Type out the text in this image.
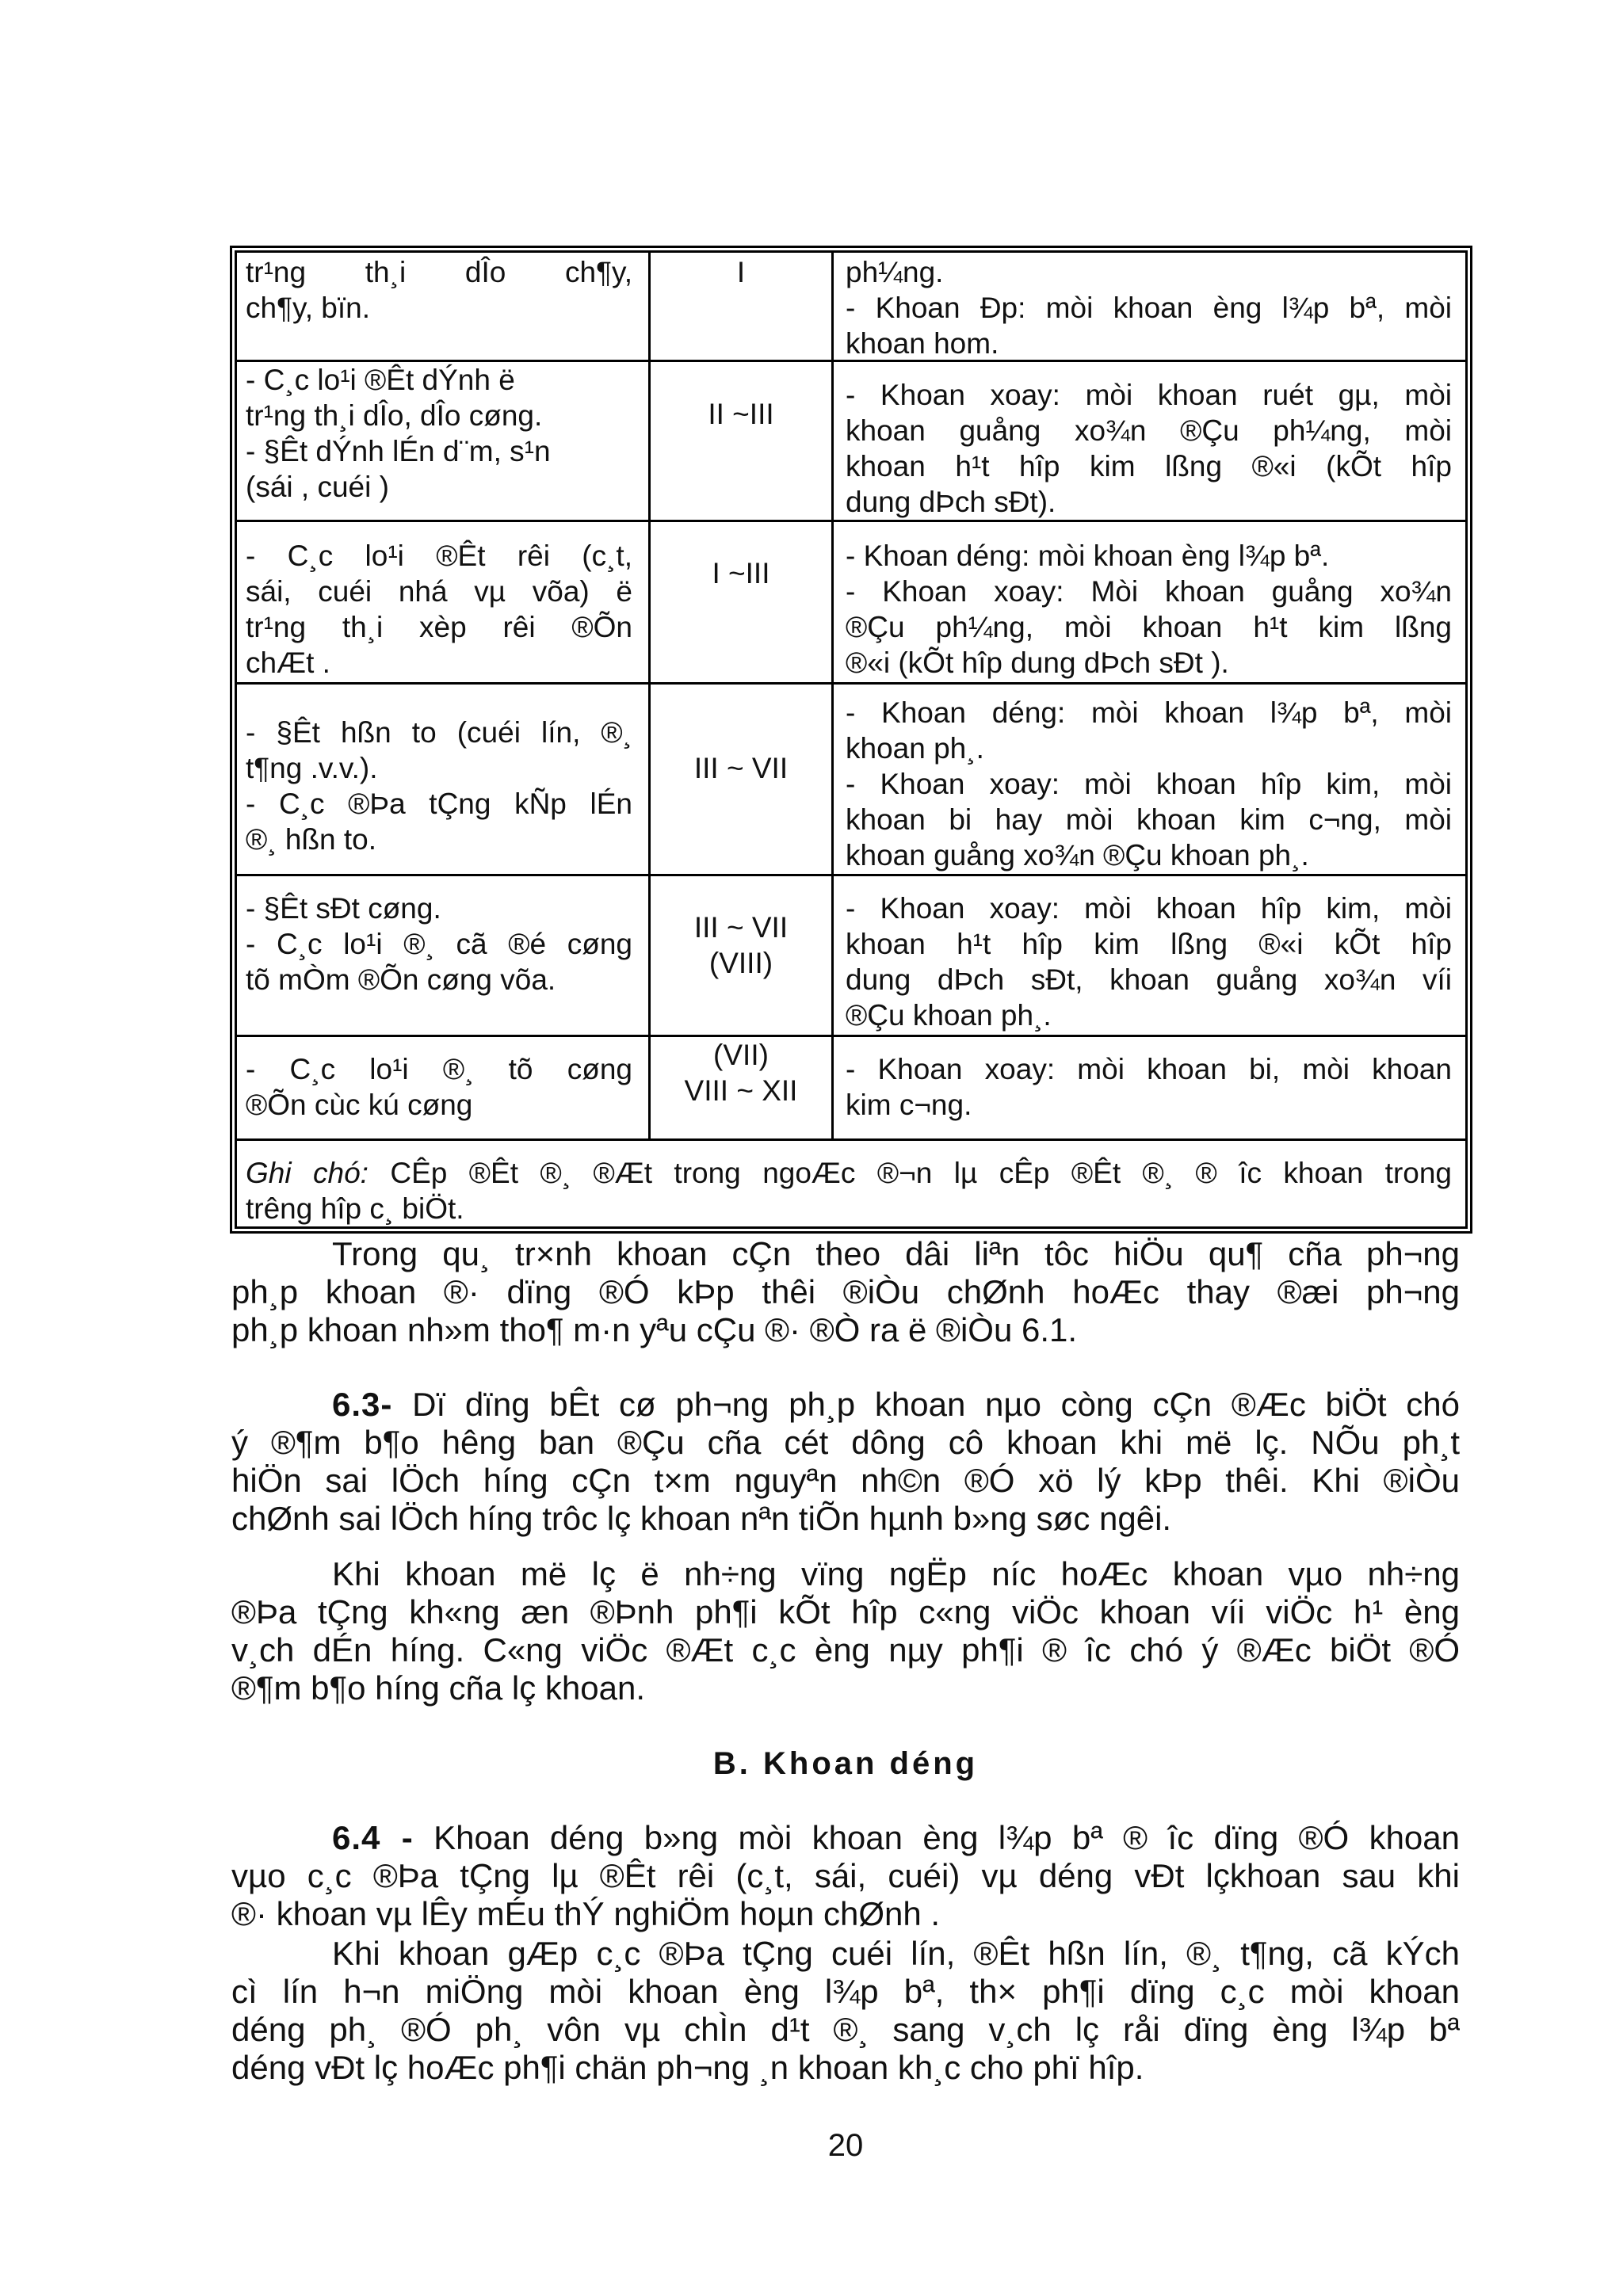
tr¹ng th¸i dÎo ch¶y,
ch¶y, bïn.
I	ph¼ng.
- Khoan Ðp: mòi khoan èng l¾p bª, mòi
khoan hom.
- C¸c lo¹i ®Êt dÝnh ë
tr¹ng th¸i dÎo, dÎo cøng.
- §Êt dÝnh lÉn d¨m, s¹n
(sái , cuéi )
II ~III
- Khoan xoay: mòi khoan ruét gµ, mòi
khoan guång xo¾n ®Çu ph¼ng, mòi
khoan h¹t hîp kim lßng ®«i (kÕt hîp
dung dÞch sÐt).
- C¸c lo¹i ®Êt rêi (c¸t,
sái, cuéi nhá vµ võa) ë
tr¹ng th¸i xèp rêi ®Õn
chÆt .
I ~III
- Khoan déng: mòi khoan èng l¾p bª.
- Khoan xoay: Mòi khoan guång xo¾n
®Çu ph¼ng, mòi khoan h¹t kim lßng
®«i (kÕt hîp dung dÞch sÐt ).
- §Êt hßn to (cuéi lín, ®¸
t¶ng .v.v.).
- C¸c ®Þa tÇng kÑp lÉn
®¸ hßn to.
III ~ VII
- Khoan déng: mòi khoan l¾p bª, mòi
khoan ph¸.
- Khoan xoay: mòi khoan hîp kim, mòi
khoan bi hay mòi khoan kim c¬ng, mòi
khoan guång xo¾n ®Çu khoan ph¸.
- §Êt sÐt cøng.
- C¸c lo¹i ®¸ cã ®é cøng
tõ mÒm ®Õn cøng võa.
III ~ VII
(VIII)
- Khoan xoay: mòi khoan hîp kim, mòi
khoan h¹t hîp kim lßng ®«i kÕt hîp
dung dÞch sÐt, khoan guång xo¾n víi
®Çu khoan ph¸.
- C¸c lo¹i ®¸ tõ cøng
®Õn cùc kú cøng
(VII)
VIII ~ XII
- Khoan xoay: mòi khoan bi, mòi khoan
kim c¬ng.
Ghi chó: CÊp ®Êt ®¸ ®Æt trong ngoÆc ®¬n lµ cÊp ®Êt ®¸ ® îc khoan trong
trêng hîp c¸ biÖt.
Trong qu¸ tr×nh khoan cÇn theo dâi liªn tôc hiÖu qu¶ cña ph¬ng
ph¸p khoan ®· dïng ®Ó kÞp thêi ®iÒu chØnh hoÆc thay ®æi ph¬ng
ph¸p khoan nh»m tho¶ m·n yªu cÇu ®· ®Ò ra ë ®iÒu 6.1.
6.3- Dï dïng bÊt cø ph¬ng ph¸p khoan nµo còng cÇn ®Æc biÖt chó
ý ®¶m b¶o hêng ban ®Çu cña cét dông cô khoan khi më lç. NÕu ph¸t
hiÖn sai lÖch híng cÇn t×m nguyªn nh©n ®Ó xö lý kÞp thêi. Khi ®iÒu
chØnh sai lÖch híng trôc lç khoan nªn tiÕn hµnh b»ng søc ngêi.
Khi khoan më lç ë nh÷ng vïng ngËp níc hoÆc khoan vµo nh÷ng
®Þa tÇng kh«ng æn ®Þnh ph¶i kÕt hîp c«ng viÖc khoan víi viÖc h¹ èng
v¸ch dÉn híng. C«ng viÖc ®Æt c¸c èng nµy ph¶i ® îc chó ý ®Æc biÖt ®Ó
®¶m b¶o híng cña lç khoan.
B. Khoan déng
6.4 - Khoan déng b»ng mòi khoan èng l¾p bª ® îc dïng ®Ó khoan
vµo c¸c ®Þa tÇng lµ ®Êt rêi (c¸t, sái, cuéi) vµ déng vÐt lçkhoan sau khi
®· khoan vµ lÊy mÉu thÝ nghiÖm hoµn chØnh .
Khi khoan gÆp c¸c ®Þa tÇng cuéi lín, ®Êt hßn lín, ®¸ t¶ng, cã kÝch
cì lín h¬n miÖng mòi khoan èng l¾p bª, th× ph¶i dïng c¸c mòi khoan
déng ph¸ ®Ó ph¸ vôn vµ chÌn d¹t ®¸ sang v¸ch lç råi dïng èng l¾p bª
déng vÐt lç hoÆc ph¶i chän ph¬ng ¸n khoan kh¸c cho phï hîp.
20
